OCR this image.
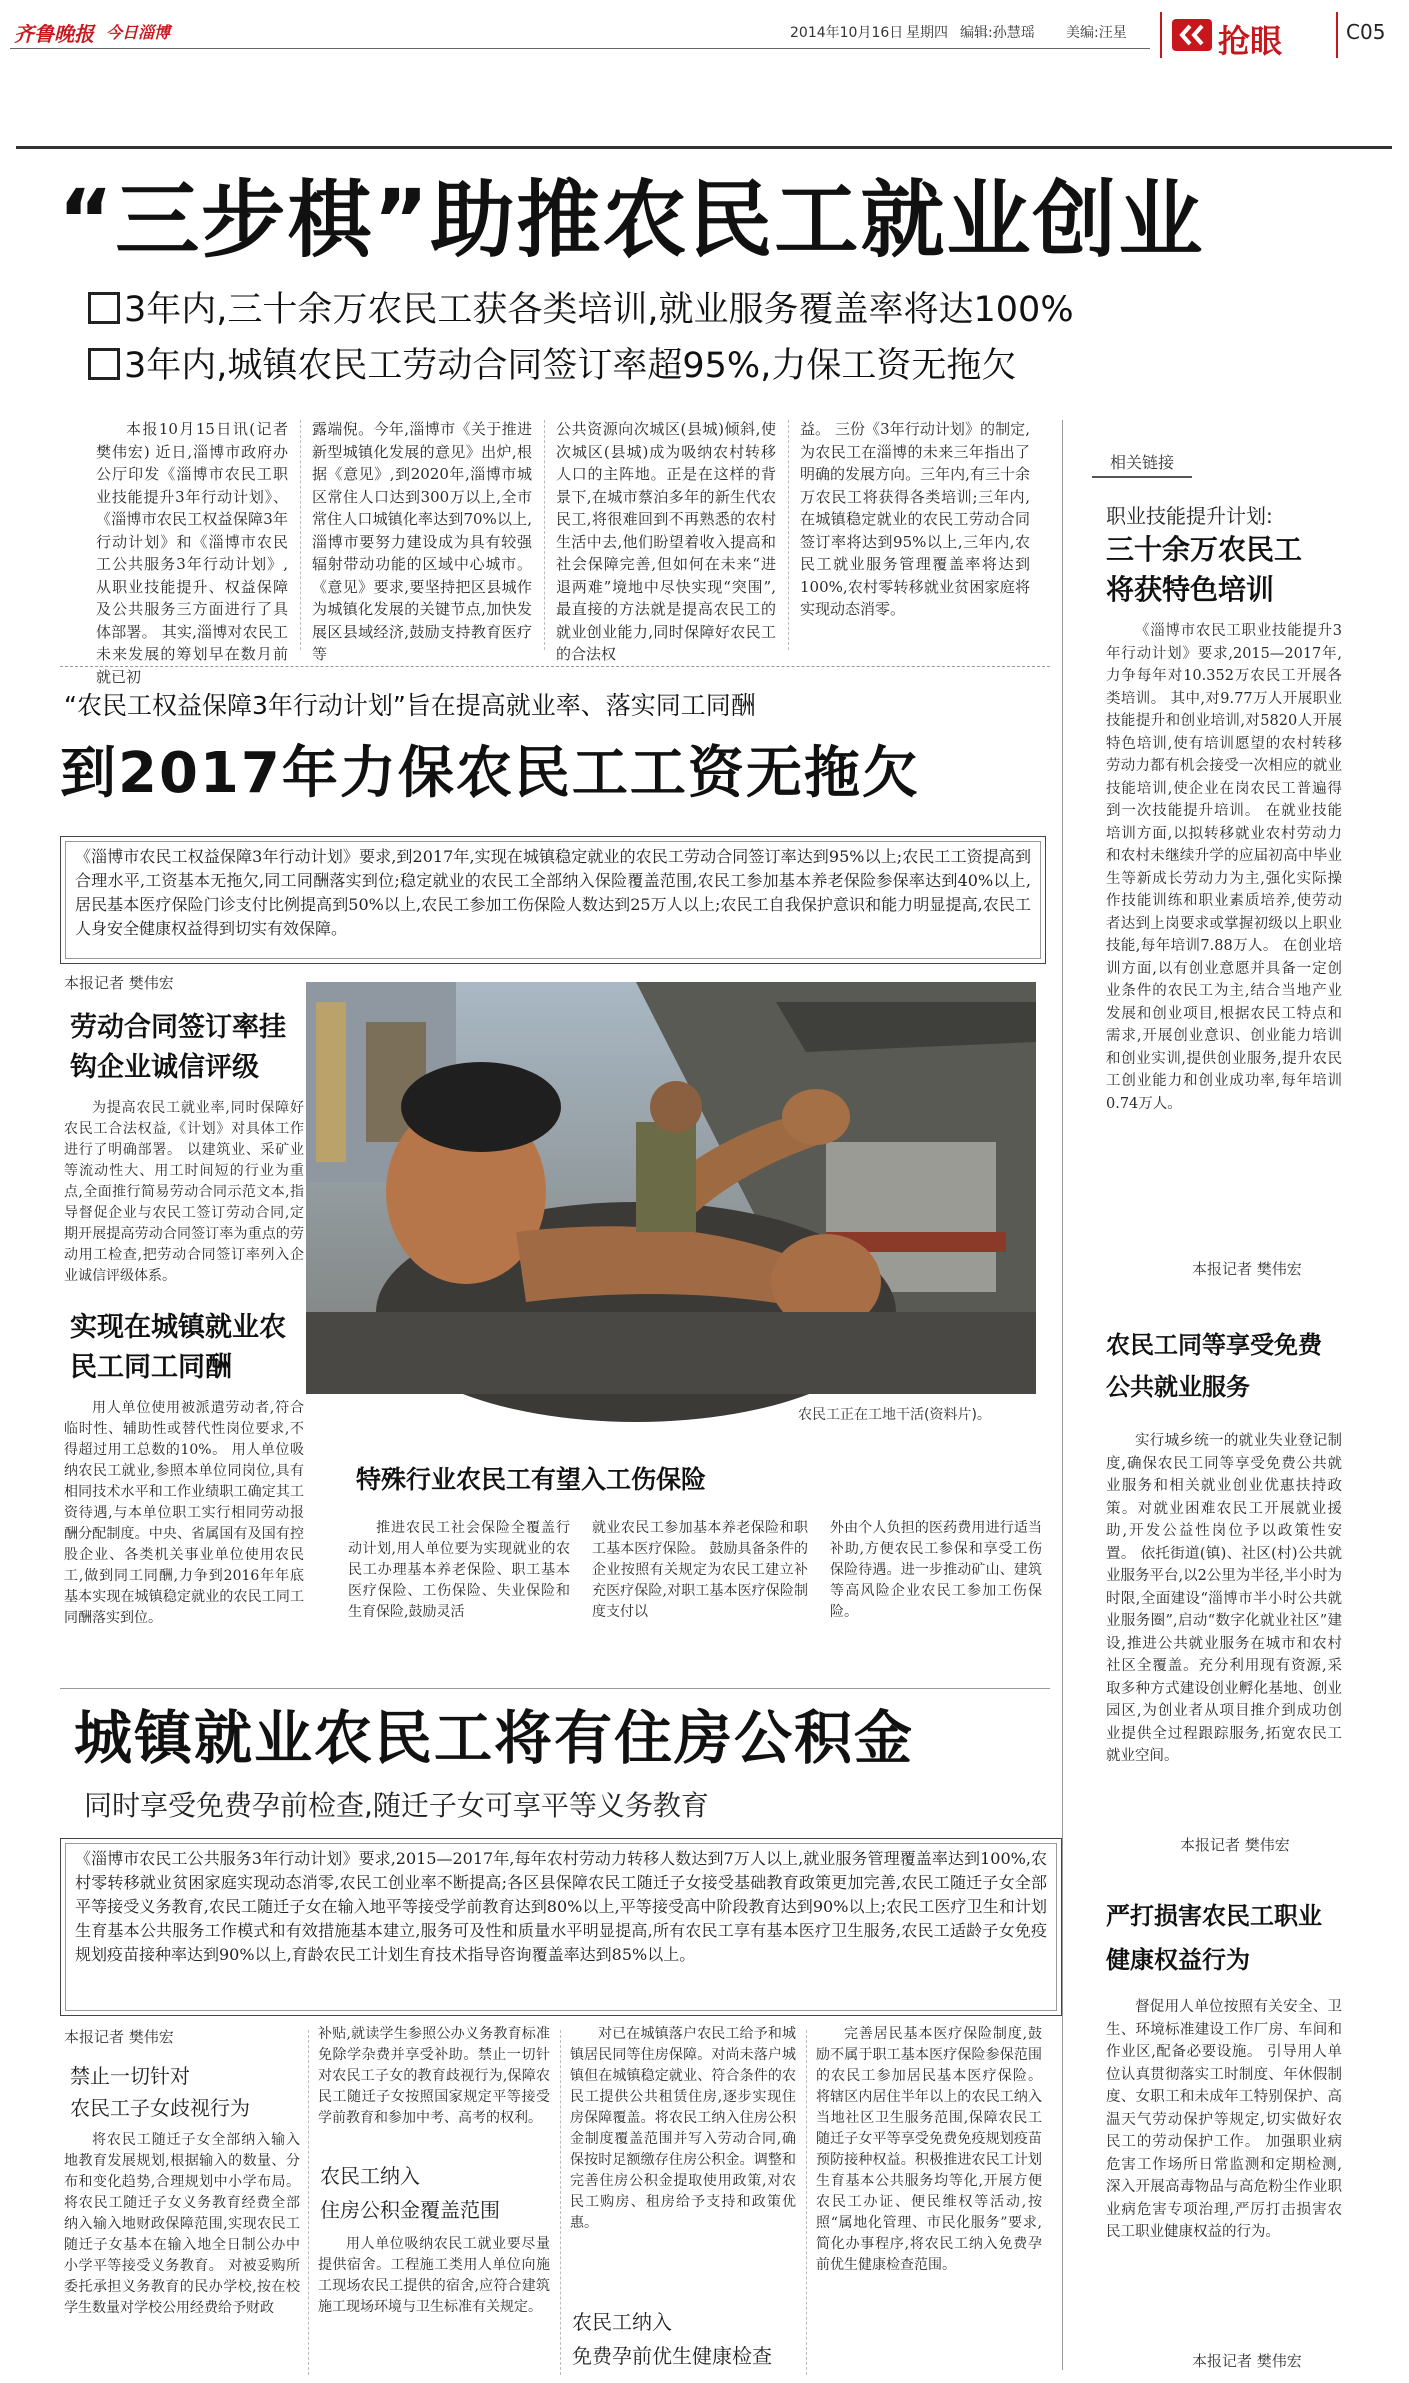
齐鲁晚报 今日淄博	2014年10月16日 星期四 编辑:孙慧瑶 美编:汪星	抢眼	C05
“三步棋”助推农民工就业创业
3年内,三十余万农民工获各类培训,就业服务覆盖率将达100%
3年内,城镇农民工劳动合同签订率超95%,力保工资无拖欠
本报10月15日讯(记者 樊伟宏) 近日,淄博市政府办公厅印发《淄博市农民工职业技能提升3年行动计划》、《淄博市农民工权益保障3年行动计划》和《淄博市农民工公共服务3年行动计划》,从职业技能提升、权益保障及公共服务三方面进行了具体部署。 其实,淄博对农民工未来发展的筹划早在数月前就已初
露端倪。今年,淄博市《关于推进新型城镇化发展的意见》出炉,根据《意见》,到2020年,淄博市城区常住人口达到300万以上,全市常住人口城镇化率达到70%以上,淄博市要努力建设成为具有较强辐射带动功能的区域中心城市。《意见》要求,要坚持把区县城作为城镇化发展的关键节点,加快发展区县域经济,鼓励支持教育医疗等
公共资源向次城区(县城)倾斜,使次城区(县城)成为吸纳农村转移人口的主阵地。正是在这样的背景下,在城市蔡泊多年的新生代农民工,将很难回到不再熟悉的农村生活中去,他们盼望着收入提高和社会保障完善,但如何在未来“进退两难”境地中尽快实现“突围”,最直接的方法就是提高农民工的就业创业能力,同时保障好农民工的合法权
益。 三份《3年行动计划》的制定,为农民工在淄博的未来三年指出了明确的发展方向。三年内,有三十余万农民工将获得各类培训;三年内,在城镇稳定就业的农民工劳动合同签订率将达到95%以上,三年内,农民工就业服务管理覆盖率将达到100%,农村零转移就业贫困家庭将实现动态消零。
相关链接
职业技能提升计划:
三十余万农民工将获特色培训
《淄博市农民工职业技能提升3年行动计划》要求,2015—2017年,力争每年对10.352万农民工开展各类培训。 其中,对9.77万人开展职业技能提升和创业培训,对5820人开展特色培训,使有培训愿望的农村转移劳动力都有机会接受一次相应的就业技能培训,使企业在岗农民工普遍得到一次技能提升培训。 在就业技能培训方面,以拟转移就业农村劳动力和农村未继续升学的应届初高中毕业生等新成长劳动力为主,强化实际操作技能训练和职业素质培养,使劳动者达到上岗要求或掌握初级以上职业技能,每年培训7.88万人。 在创业培训方面,以有创业意愿并具备一定创业条件的农民工为主,结合当地产业发展和创业项目,根据农民工特点和需求,开展创业意识、创业能力培训和创业实训,提供创业服务,提升农民工创业能力和创业成功率,每年培训0.74万人。
本报记者 樊伟宏
农民工同等享受免费公共就业服务
实行城乡统一的就业失业登记制度,确保农民工同等享受免费公共就业服务和相关就业创业优惠扶持政策。对就业困难农民工开展就业援助,开发公益性岗位予以政策性安置。 依托街道(镇)、社区(村)公共就业服务平台,以2公里为半径,半小时为时限,全面建设“淄博市半小时公共就业服务圈”,启动“数字化就业社区”建设,推进公共就业服务在城市和农村社区全覆盖。充分利用现有资源,采取多种方式建设创业孵化基地、创业园区,为创业者从项目推介到成功创业提供全过程跟踪服务,拓宽农民工就业空间。
本报记者 樊伟宏
严打损害农民工职业健康权益行为
督促用人单位按照有关安全、卫生、环境标准建设工作厂房、车间和作业区,配备必要设施。 引导用人单位认真贯彻落实工时制度、年休假制度、女职工和未成年工特别保护、高温天气劳动保护等规定,切实做好农民工的劳动保护工作。 加强职业病危害工作场所日常监测和定期检测,深入开展高毒物品与高危粉尘作业职业病危害专项治理,严厉打击损害农民工职业健康权益的行为。
本报记者 樊伟宏
“农民工权益保障3年行动计划”旨在提高就业率、落实同工同酬
到2017年力保农民工工资无拖欠
《淄博市农民工权益保障3年行动计划》要求,到2017年,实现在城镇稳定就业的农民工劳动合同签订率达到95%以上;农民工工资提高到合理水平,工资基本无拖欠,同工同酬落实到位;稳定就业的农民工全部纳入保险覆盖范围,农民工参加基本养老保险参保率达到40%以上,居民基本医疗保险门诊支付比例提高到50%以上,农民工参加工伤保险人数达到25万人以上;农民工自我保护意识和能力明显提高,农民工人身安全健康权益得到切实有效保障。
本报记者 樊伟宏
劳动合同签订率挂钩企业诚信评级
为提高农民工就业率,同时保障好农民工合法权益,《计划》对具体工作进行了明确部署。 以建筑业、采矿业等流动性大、用工时间短的行业为重点,全面推行简易劳动合同示范文本,指导督促企业与农民工签订劳动合同,定期开展提高劳动合同签订率为重点的劳动用工检查,把劳动合同签订率列入企业诚信评级体系。
实现在城镇就业农民工同工同酬
用人单位使用被派遣劳动者,符合临时性、辅助性或替代性岗位要求,不得超过用工总数的10%。 用人单位吸纳农民工就业,参照本单位同岗位,具有相同技术水平和工作业绩职工确定其工资待遇,与本单位职工实行相同劳动报酬分配制度。中央、省属国有及国有控股企业、各类机关事业单位使用农民工,做到同工同酬,力争到2016年年底基本实现在城镇稳定就业的农民工同工同酬落实到位。
农民工正在工地干活(资料片)。
特殊行业农民工有望入工伤保险
推进农民工社会保险全覆盖行动计划,用人单位要为实现就业的农民工办理基本养老保险、职工基本医疗保险、工伤保险、失业保险和生育保险,鼓励灵活
就业农民工参加基本养老保险和职工基本医疗保险。 鼓励具备条件的企业按照有关规定为农民工建立补充医疗保险,对职工基本医疗保险制度支付以
外由个人负担的医药费用进行适当补助,方便农民工参保和享受工伤保险待遇。进一步推动矿山、建筑等高风险企业农民工参加工伤保险。
城镇就业农民工将有住房公积金
同时享受免费孕前检查,随迁子女可享平等义务教育
《淄博市农民工公共服务3年行动计划》要求,2015—2017年,每年农村劳动力转移人数达到7万人以上,就业服务管理覆盖率达到100%,农村零转移就业贫困家庭实现动态消零,农民工创业率不断提高;各区县保障农民工随迁子女接受基础教育政策更加完善,农民工随迁子女全部平等接受义务教育,农民工随迁子女在输入地平等接受学前教育达到80%以上,平等接受高中阶段教育达到90%以上;农民工医疗卫生和计划生育基本公共服务工作模式和有效措施基本建立,服务可及性和质量水平明显提高,所有农民工享有基本医疗卫生服务,农民工适龄子女免疫规划疫苗接种率达到90%以上,育龄农民工计划生育技术指导咨询覆盖率达到85%以上。
本报记者 樊伟宏
禁止一切针对
农民工子女歧视行为
将农民工随迁子女全部纳入输入地教育发展规划,根据输入的数量、分布和变化趋势,合理规划中小学布局。将农民工随迁子女义务教育经费全部纳入输入地财政保障范围,实现农民工随迁子女基本在输入地全日制公办中小学平等接受义务教育。 对被妥购所委托承担义务教育的民办学校,按在校学生数量对学校公用经费给予财政
补贴,就读学生参照公办义务教育标准免除学杂费并享受补助。禁止一切针对农民工子女的教育歧视行为,保障农民工随迁子女按照国家规定平等接受学前教育和参加中考、高考的权利。
农民工纳入
住房公积金覆盖范围
用人单位吸纳农民工就业要尽量提供宿舍。工程施工类用人单位向施工现场农民工提供的宿舍,应符合建筑施工现场环境与卫生标准有关规定。
对已在城镇落户农民工给予和城镇居民同等住房保障。对尚未落户城镇但在城镇稳定就业、符合条件的农民工提供公共租赁住房,逐步实现住房保障覆盖。将农民工纳入住房公积金制度覆盖范围并写入劳动合同,确保按时足额缴存住房公积金。调整和完善住房公积金提取使用政策,对农民工购房、租房给予支持和政策优惠。
农民工纳入
免费孕前优生健康检查
完善居民基本医疗保险制度,鼓励不属于职工基本医疗保险参保范围的农民工参加居民基本医疗保险。 将辖区内居住半年以上的农民工纳入当地社区卫生服务范围,保障农民工随迁子女平等享受免费免疫规划疫苗预防接种权益。积极推进农民工计划生育基本公共服务均等化,开展方便农民工办证、便民维权等活动,按照“属地化管理、市民化服务”要求,简化办事程序,将农民工纳入免费孕前优生健康检查范围。
